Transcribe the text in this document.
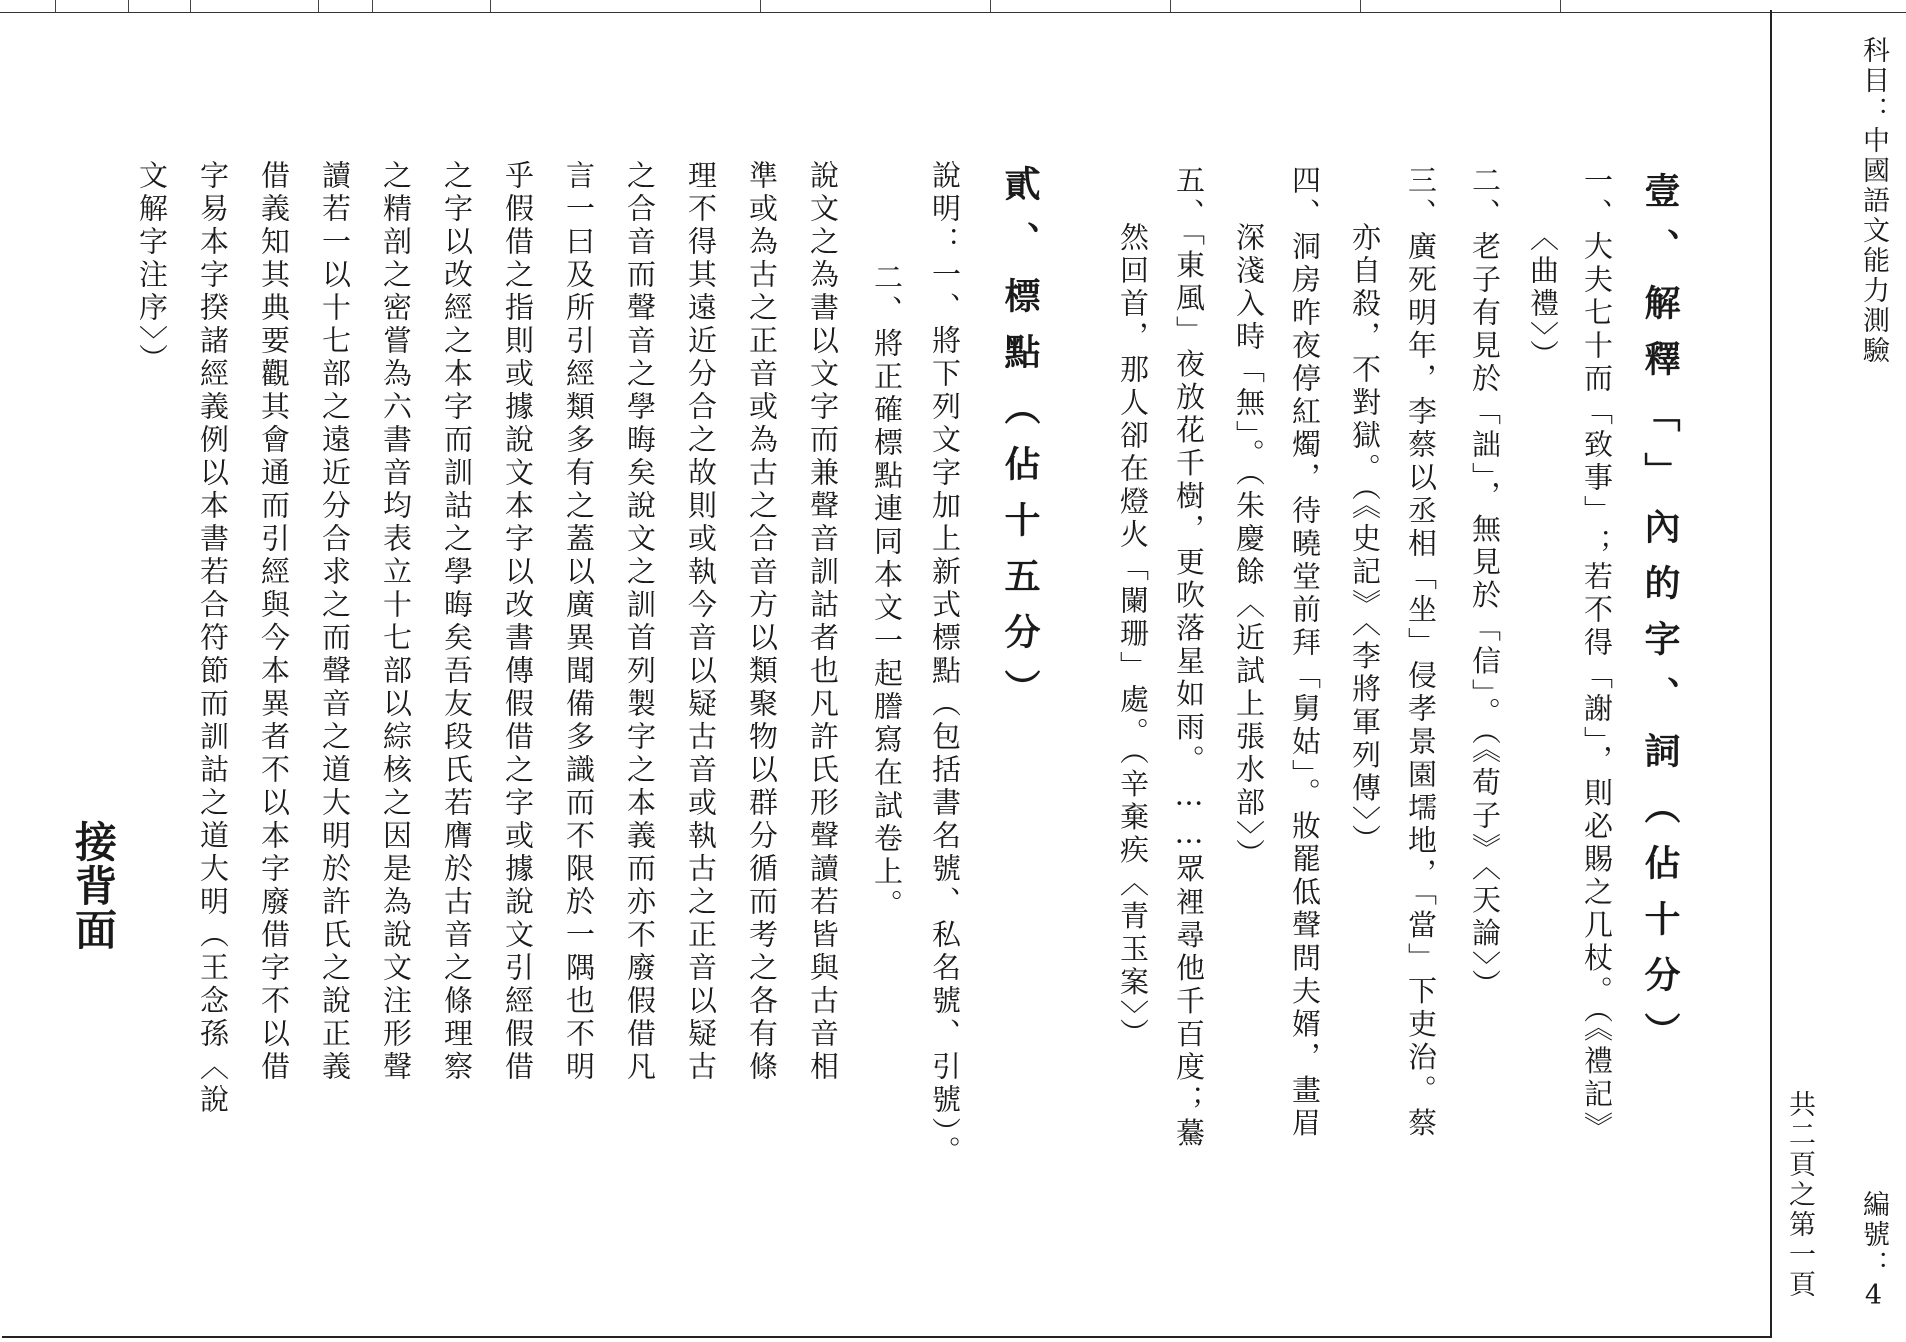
科目：中國語文能力測驗
編號：4
共二頁之第一頁
壹、解釋「」內的字、詞（佔十分）
一、大夫七十而「致事」；若不得「謝」，則必賜之几杖。（《禮記》
〈曲禮〉）
二、老子有見於「詘」，無見於「信」。（《荀子》〈天論〉）
三、廣死明年，李蔡以丞相「坐」侵孝景園壖地，「當」下吏治。蔡
亦自殺，不對獄。（《史記》〈李將軍列傳〉）
四、洞房昨夜停紅燭，待曉堂前拜「舅姑」。妝罷低聲問夫婿，畫眉
深淺入時「無」。（朱慶餘〈近試上張水部〉）
五、「東風」夜放花千樹，更吹落星如雨。……眾裡尋他千百度；驀
然回首，那人卻在燈火「闌珊」處。（辛棄疾〈青玉案〉）
貳、標點（佔十五分）
說明：一、將下列文字加上新式標點（包括書名號、私名號、引號）。
二、將正確標點連同本文一起謄寫在試卷上。
說文之為書以文字而兼聲音訓詁者也凡許氏形聲讀若皆與古音相
準或為古之正音或為古之合音方以類聚物以群分循而考之各有條
理不得其遠近分合之故則或執今音以疑古音或執古之正音以疑古
之合音而聲音之學晦矣說文之訓首列製字之本義而亦不廢假借凡
言一曰及所引經類多有之蓋以廣異聞備多識而不限於一隅也不明
乎假借之指則或據說文本字以改書傳假借之字或據說文引經假借
之字以改經之本字而訓詁之學晦矣吾友段氏若膺於古音之條理察
之精剖之密嘗為六書音均表立十七部以綜核之因是為說文注形聲
讀若一以十七部之遠近分合求之而聲音之道大明於許氏之說正義
借義知其典要觀其會通而引經與今本異者不以本字廢借字不以借
字易本字揆諸經義例以本書若合符節而訓詁之道大明（王念孫〈說
文解字注序〉）
接背面
